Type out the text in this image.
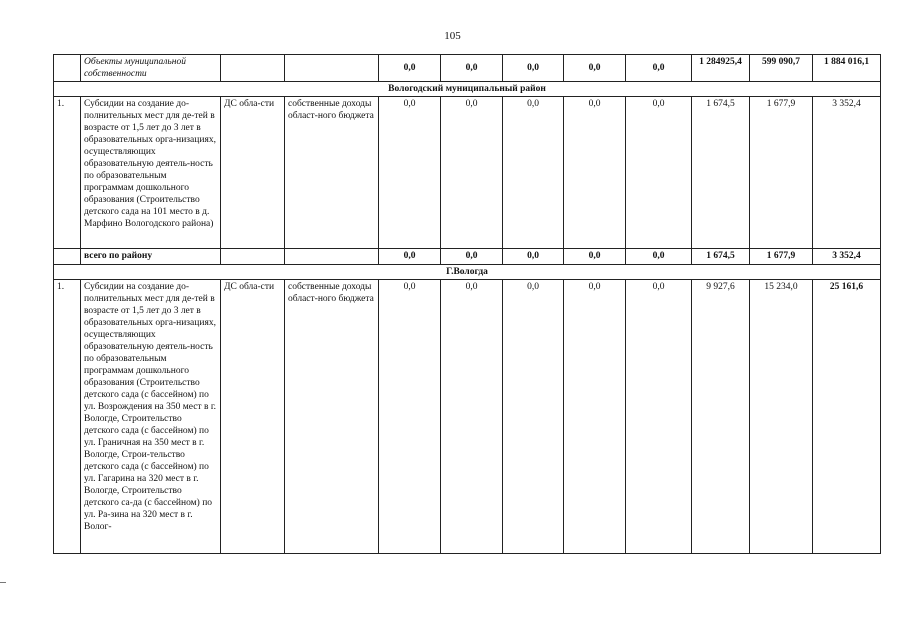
105
	Объекты муниципальной собственности			0,0	0,0	0,0	0,0	0,0	1 284925,4	599 090,7	1 884 016,1
Вологодский муниципальный район											
1.	Субсидии на создание до-полнительных мест для де-тей в возрасте от 1,5 лет до 3 лет в образовательных орга-низациях, осуществляющих образовательную деятель-ность по образовательным программам дошкольного образования (Строительство детского сада на 101 место в д. Марфино Вологодского района)	ДС обла-сти	собственные доходы област-ного бюджета	0,0	0,0	0,0	0,0	0,0	1 674,5	1 677,9	3 352,4
	всего по району			0,0	0,0	0,0	0,0	0,0	1 674,5	1 677,9	3 352,4
Г.Вологда											
1.	Субсидии на создание до-полнительных мест для де-тей в возрасте от 1,5 лет до 3 лет в образовательных орга-низациях, осуществляющих образовательную деятель-ность по образовательным программам дошкольного образования (Строительство детского сада (с бассейном) по ул. Возрождения на 350 мест в г. Вологде, Строительство детского сада (с бассейном) по ул. Граничная на 350 мест в г. Вологде, Строи-тельство детского сада (с бассейном) по ул. Гагарина на 320 мест в г. Вологде, Строительство детского са-да (с бассейном) по ул. Ра-зина на 320 мест в г. Волог-	ДС обла-сти	собственные доходы област-ного бюджета	0,0	0,0	0,0	0,0	0,0	9 927,6	15 234,0	25 161,6
